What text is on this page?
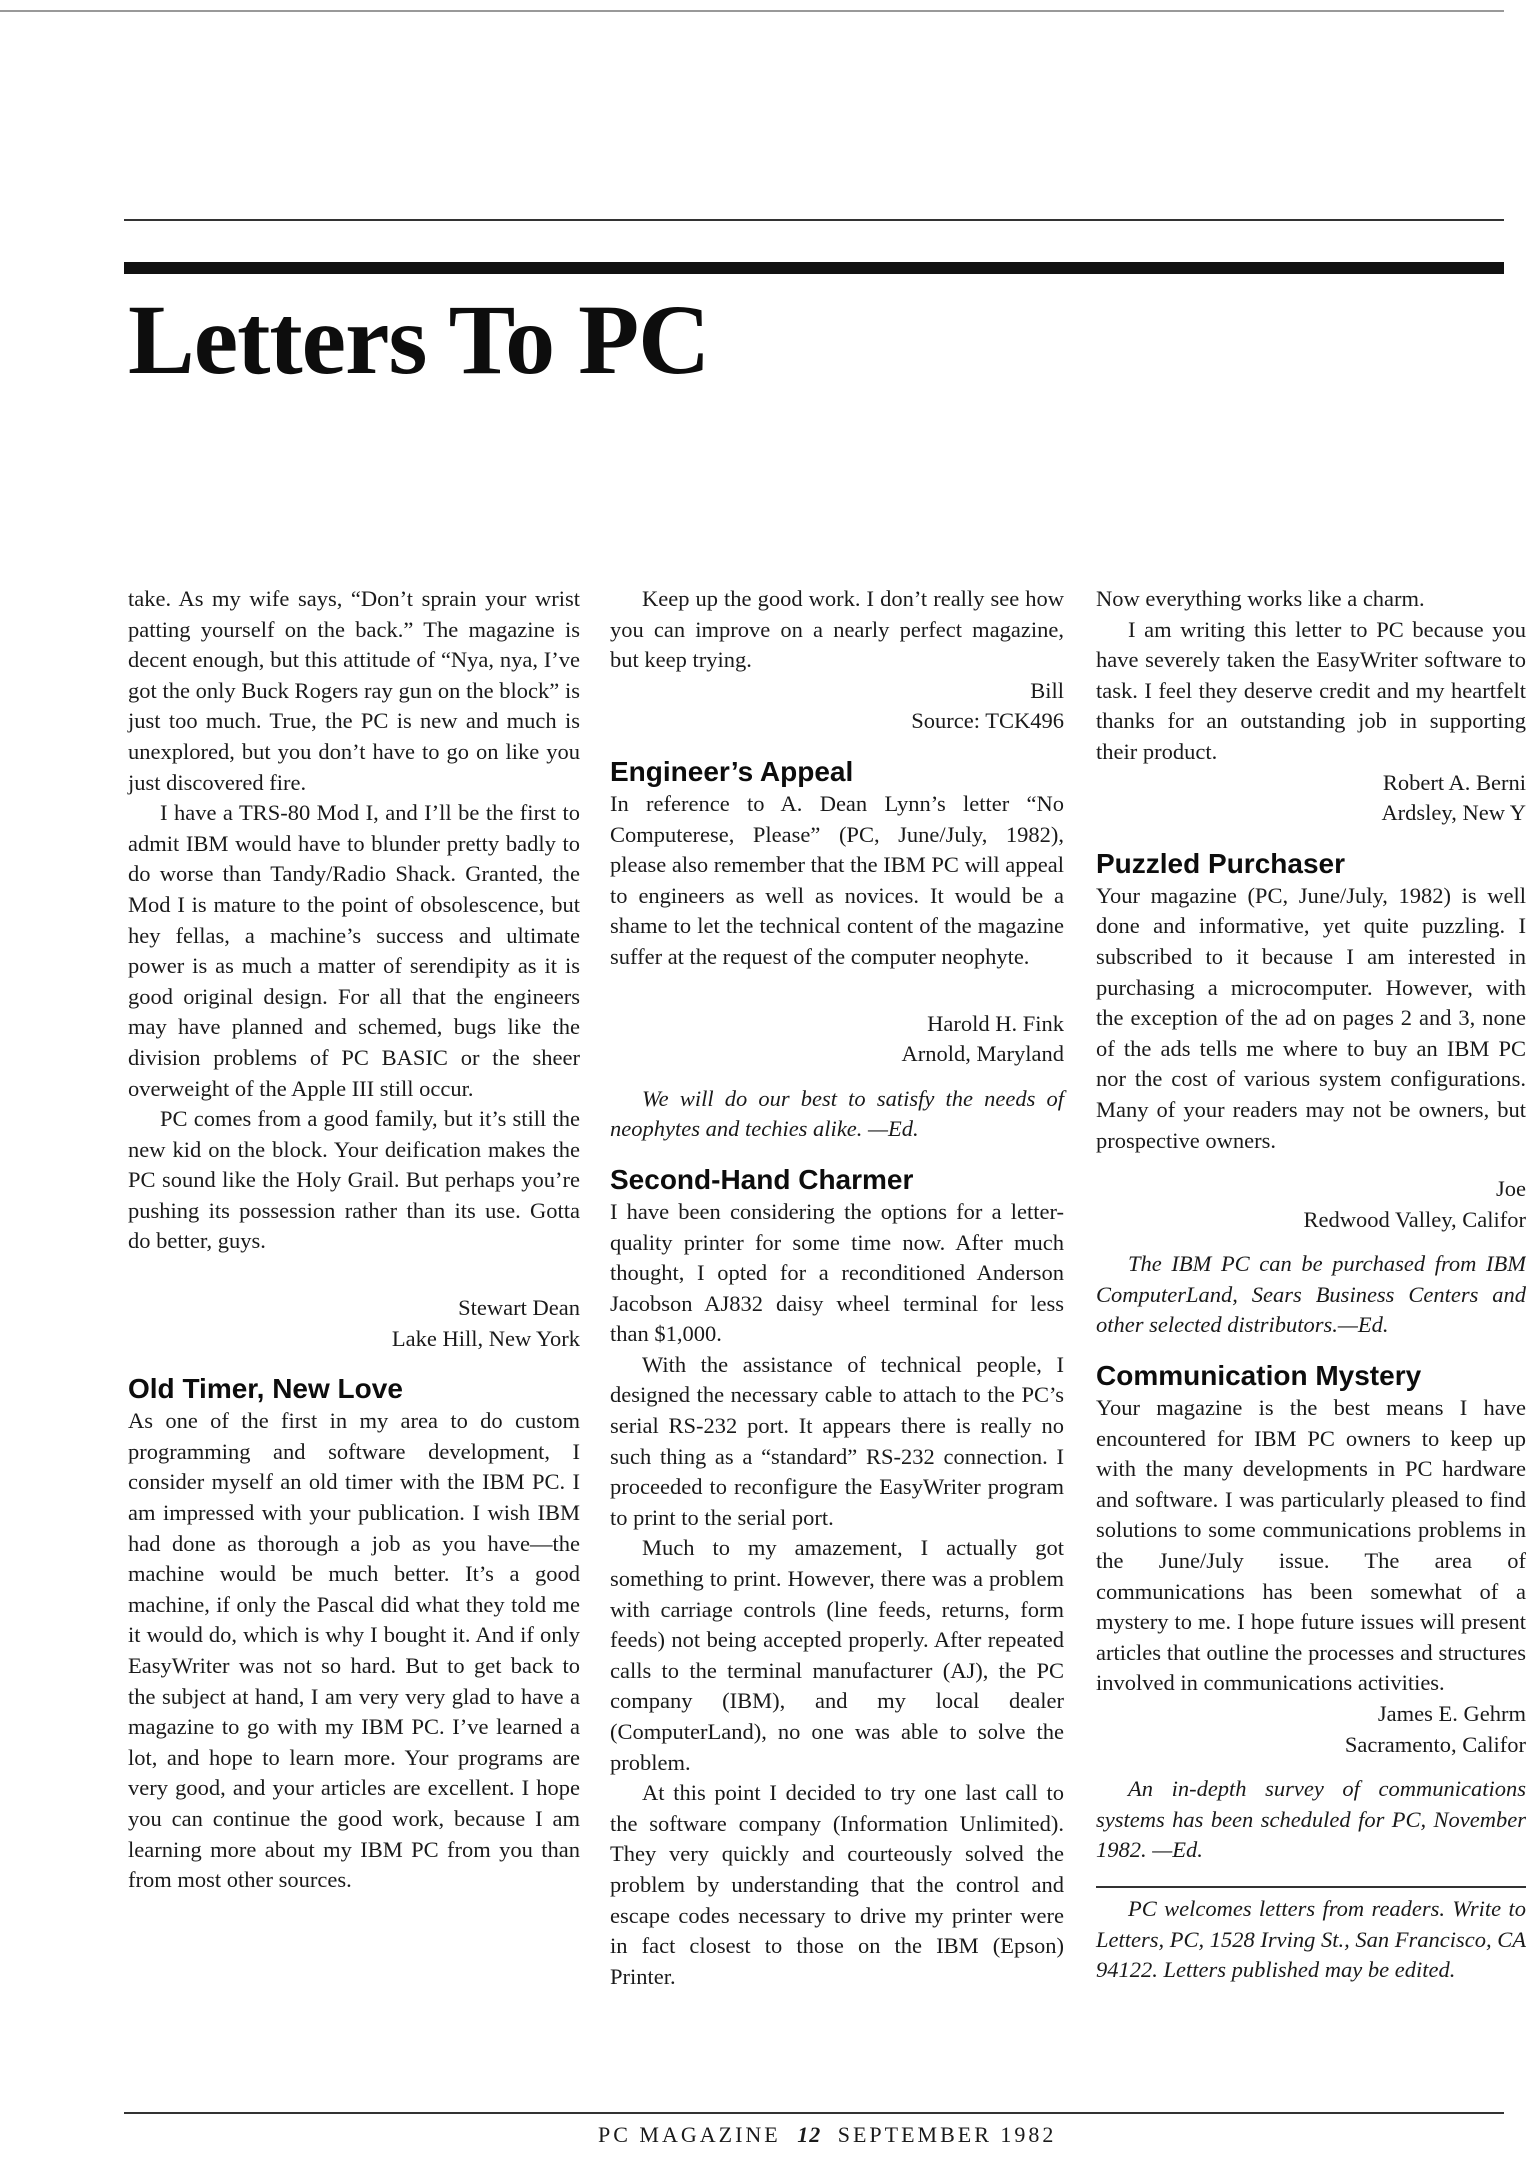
Letters To PC

take. As my wife says, “Don’t sprain your wrist patting yourself on the back.” The magazine is decent enough, but this attitude of “Nya, nya, I’ve got the only Buck Rogers ray gun on the block” is just too much. True, the PC is new and much is unexplored, but you don’t have to go on like you just discovered fire.

I have a TRS-80 Mod I, and I’ll be the first to admit IBM would have to blunder pretty badly to do worse than Tandy/Radio Shack. Granted, the Mod I is mature to the point of obsolescence, but hey fellas, a machine’s success and ultimate power is as much a matter of serendipity as it is good original design. For all that the engineers may have planned and schemed, bugs like the division problems of PC BASIC or the sheer overweight of the Apple III still occur.

PC comes from a good family, but it’s still the new kid on the block. Your deification makes the PC sound like the Holy Grail. But perhaps you’re pushing its possession rather than its use. Gotta do better, guys.

Stewart Dean
Lake Hill, New York

Old Timer, New Love

As one of the first in my area to do custom programming and software development, I consider myself an old timer with the IBM PC. I am impressed with your publication. I wish IBM had done as thorough a job as you have—the machine would be much better. It’s a good machine, if only the Pascal did what they told me it would do, which is why I bought it. And if only EasyWriter was not so hard. But to get back to the subject at hand, I am very very glad to have a magazine to go with my IBM PC. I’ve learned a lot, and hope to learn more. Your programs are very good, and your articles are excellent. I hope you can continue the good work, because I am learning more about my IBM PC from you than from most other sources.

Keep up the good work. I don’t really see how you can improve on a nearly perfect magazine, but keep trying.

Bill
Source: TCK496

Engineer’s Appeal

In reference to A. Dean Lynn’s letter “No Computerese, Please” (PC, June/July, 1982), please also remember that the IBM PC will appeal to engineers as well as novices. It would be a shame to let the technical content of the magazine suffer at the request of the computer neophyte.

Harold H. Fink
Arnold, Maryland

We will do our best to satisfy the needs of neophytes and techies alike. —Ed.

Second-Hand Charmer

I have been considering the options for a letter-quality printer for some time now. After much thought, I opted for a reconditioned Anderson Jacobson AJ832 daisy wheel terminal for less than $1,000.

With the assistance of technical people, I designed the necessary cable to attach to the PC’s serial RS-232 port. It appears there is really no such thing as a “standard” RS-232 connection. I proceeded to reconfigure the EasyWriter program to print to the serial port.

Much to my amazement, I actually got something to print. However, there was a problem with carriage controls (line feeds, returns, form feeds) not being accepted properly. After repeated calls to the terminal manufacturer (AJ), the PC company (IBM), and my local dealer (ComputerLand), no one was able to solve the problem.

At this point I decided to try one last call to the software company (Information Unlimited). They very quickly and courteously solved the problem by understanding that the control and escape codes necessary to drive my printer were in fact closest to those on the IBM (Epson) Printer.

Now everything works like a charm.

I am writing this letter to PC because you have severely taken the EasyWriter software to task. I feel they deserve credit and my heartfelt thanks for an outstanding job in supporting their product.

Robert A. Berni
Ardsley, New Y

Puzzled Purchaser

Your magazine (PC, June/July, 1982) is well done and informative, yet quite puzzling. I subscribed to it because I am interested in purchasing a microcomputer. However, with the exception of the ad on pages 2 and 3, none of the ads tells me where to buy an IBM PC nor the cost of various system configurations. Many of your readers may not be owners, but prospective owners.

Joe
Redwood Valley, Califor

The IBM PC can be purchased from IBM ComputerLand, Sears Business Centers and other selected distributors.—Ed.

Communication Mystery

Your magazine is the best means I have encountered for IBM PC owners to keep up with the many developments in PC hardware and software. I was particularly pleased to find solutions to some communications problems in the June/July issue. The area of communications has been somewhat of a mystery to me. I hope future issues will present articles that outline the processes and structures involved in communications activities.

James E. Gehrm
Sacramento, Califor

An in-depth survey of communications systems has been scheduled for PC, November 1982. —Ed.

PC welcomes letters from readers. Write to Letters, PC, 1528 Irving St., San Francisco, CA 94122. Letters published may be edited.

PC MAGAZINE 12 SEPTEMBER 1982
